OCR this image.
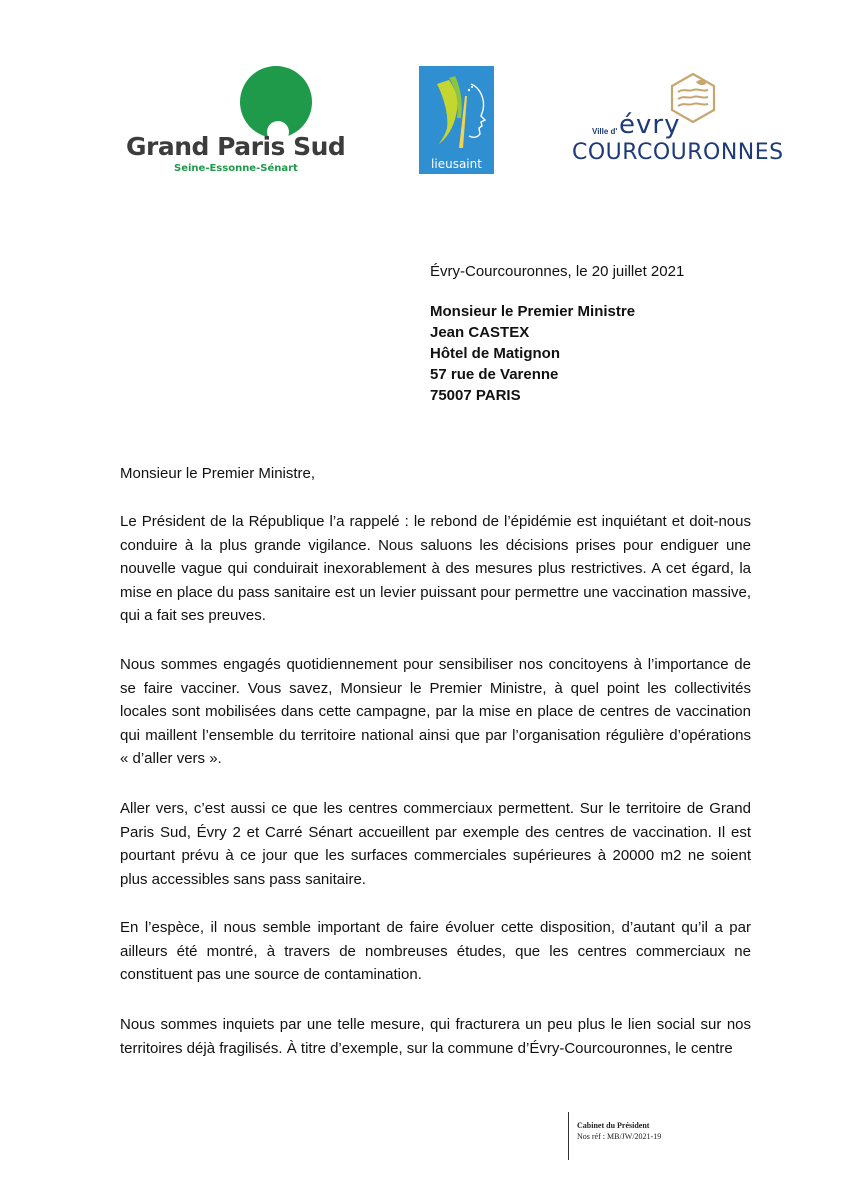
Grand Paris Sud
Seine-Essonne-Sénart	lieusaint
Ville d' évry
COURCOURONNES
Évry-Courcouronnes, le 20 juillet 2021
Monsieur le Premier Ministre
Jean CASTEX
Hôtel de Matignon
57 rue de Varenne
75007 PARIS
Monsieur le Premier Ministre,
Le Président de la République l’a rappelé : le rebond de l’épidémie est inquiétant et doit-nous conduire à la plus grande vigilance. Nous saluons les décisions prises pour endiguer une nouvelle vague qui conduirait inexorablement à des mesures plus restrictives. A cet égard, la mise en place du pass sanitaire est un levier puissant pour permettre une vaccination massive, qui a fait ses preuves.
Nous sommes engagés quotidiennement pour sensibiliser nos concitoyens à l’importance de se faire vacciner. Vous savez, Monsieur le Premier Ministre, à quel point les collectivités locales sont mobilisées dans cette campagne, par la mise en place de centres de vaccination qui maillent l’ensemble du territoire national ainsi que par l’organisation régulière d’opérations « d’aller vers ».
Aller vers, c’est aussi ce que les centres commerciaux permettent. Sur le territoire de Grand Paris Sud, Évry 2 et Carré Sénart accueillent par exemple des centres de vaccination. Il est pourtant prévu à ce jour que les surfaces commerciales supérieures à 20000 m2 ne soient plus accessibles sans pass sanitaire.
En l’espèce, il nous semble important de faire évoluer cette disposition, d’autant qu’il a par ailleurs été montré, à travers de nombreuses études, que les centres commerciaux ne constituent pas une source de contamination.
Nous sommes inquiets par une telle mesure, qui fracturera un peu plus le lien social sur nos territoires déjà fragilisés. À titre d’exemple, sur la commune d’Évry-Courcouronnes, le centre
Cabinet du Président
Nos réf : MB/JW/2021-19
